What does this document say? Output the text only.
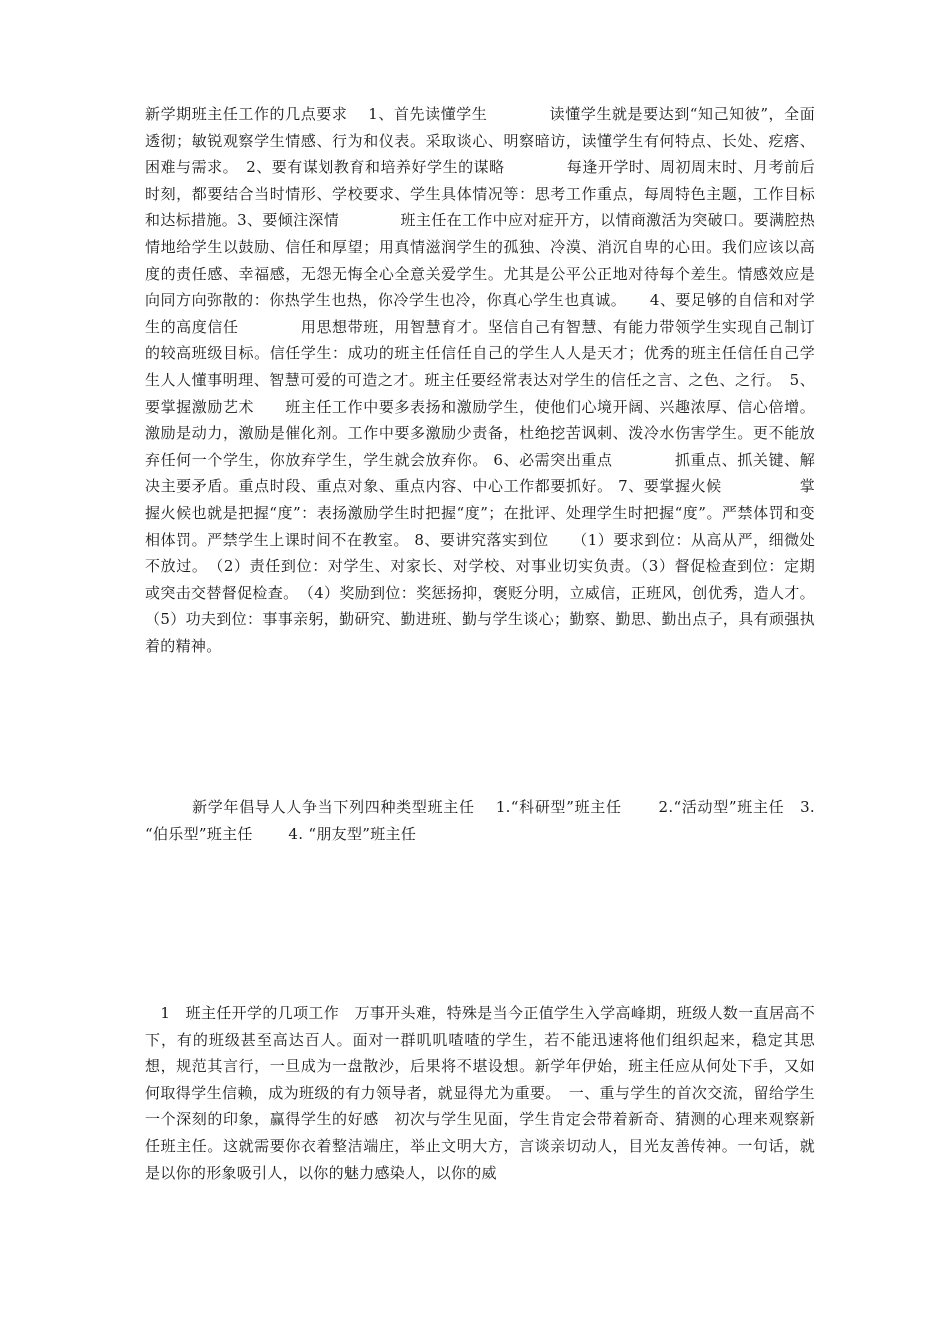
新学期班主任工作的几点要求　 1、首先读懂学生　　　　读懂学生就是要达到“知己知彼”，全面透彻；敏锐观察学生情感、行为和仪表。采取谈心、明察暗访，读懂学生有何特点、长处、疙瘩、困难与需求。　2、要有谋划教育和培养好学生的谋略　　　　每逢开学时、周初周末时、月考前后时刻，都要结合当时情形、学校要求、学生具体情况等：思考工作重点，每周特色主题，工作目标和达标措施。3、要倾注深情　　　　班主任在工作中应对症开方，以情商激活为突破口。要满腔热情地给学生以鼓励、信任和厚望；用真情滋润学生的孤独、冷漠、消沉自卑的心田。我们应该以高度的责任感、幸福感，无怨无悔全心全意关爱学生。尤其是公平公正地对待每个差生。情感效应是向同方向弥散的：你热学生也热，你冷学生也冷，你真心学生也真诚。　　4、要足够的自信和对学生的高度信任　　　　用思想带班，用智慧育才。坚信自己有智慧、有能力带领学生实现自己制订的较高班级目标。信任学生：成功的班主任信任自己的学生人人是天才；优秀的班主任信任自己学生人人懂事明理、智慧可爱的可造之才。班主任要经常表达对学生的信任之言、之色、之行。　5、要掌握激励艺术　　班主任工作中要多表扬和激励学生，使他们心境开阔、兴趣浓厚、信心倍增。激励是动力，激励是催化剂。工作中要多激励少责备，杜绝挖苦讽刺、泼冷水伤害学生。更不能放弃任何一个学生，你放弃学生，学生就会放弃你。 6、必需突出重点　　　　抓重点、抓关键、解决主要矛盾。重点时段、重点对象、重点内容、中心工作都要抓好。 7、要掌握火候　　　　　掌握火候也就是把握“度”：表扬激励学生时把握“度”；在批评、处理学生时把握“度”。严禁体罚和变相体罚。严禁学生上课时间不在教室。 8、要讲究落实到位　　（1）要求到位：从高从严，细微处不放过。　（2）责任到位：对学生、对家长、对学校、对事业切实负责。（3）督促检查到位：定期或突击交替督促检查。　（4）奖励到位：奖惩扬抑，褒贬分明，立威信，正班风，创优秀，造人才。（5）功夫到位：事事亲躬，勤研究、勤进班、勤与学生谈心；勤察、勤思、勤出点子，具有顽强执着的精神。
　　　新学年倡导人人争当下列四种类型班主任　 1.“科研型”班主任　　 2.“活动型”班主任　3. “伯乐型”班主任　　 4. “朋友型”班主任
　1　班主任开学的几项工作　万事开头难，特殊是当今正值学生入学高峰期，班级人数一直居高不下，有的班级甚至高达百人。面对一群叽叽喳喳的学生，若不能迅速将他们组织起来，稳定其思想，规范其言行，一旦成为一盘散沙，后果将不堪设想。新学年伊始，班主任应从何处下手，又如何取得学生信赖，成为班级的有力领导者，就显得尤为重要。　一、重与学生的首次交流，留给学生一个深刻的印象，赢得学生的好感　初次与学生见面，学生肯定会带着新奇、猜测的心理来观察新任班主任。这就需要你衣着整洁端庄，举止文明大方，言谈亲切动人，目光友善传神。一句话，就是以你的形象吸引人，以你的魅力感染人，以你的威
